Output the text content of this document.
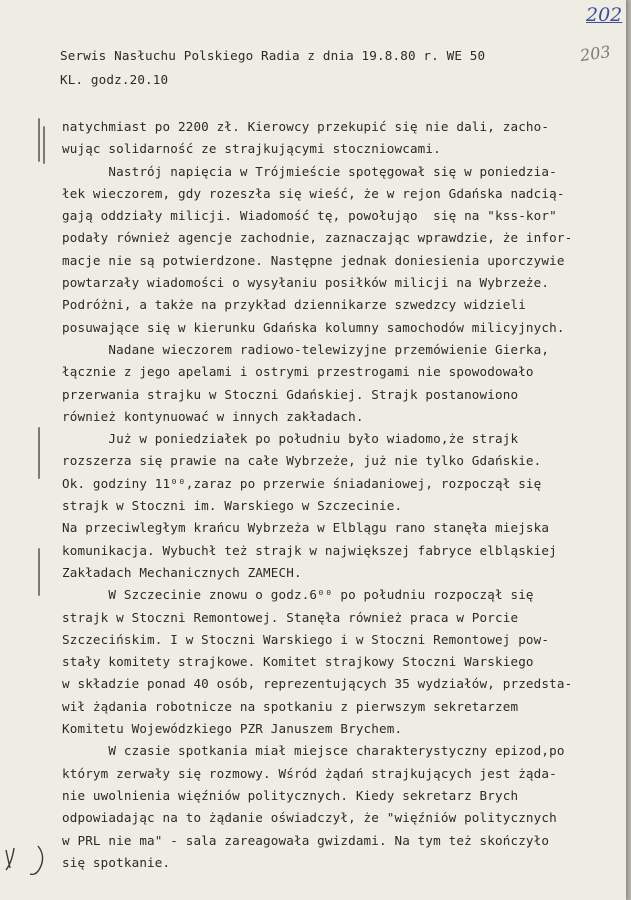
202
203
Serwis Nasłuchu Polskiego Radia z dnia 19.8.80 r. WE 50
KL. godz.20.10
natychmiast po 2200 zł. Kierowcy przekupić się nie dali, zacho-
wując solidarność ze strajkującymi stoczniowcami.
Nastrój napięcia w Trójmieście spotęgował się w poniedzia-
łek wieczorem, gdy rozeszła się wieść, że w rejon Gdańska nadcią-
gają oddziały milicji. Wiadomość tę, powołująo  się na "kss-kor"
podały również agencje zachodnie, zaznaczając wprawdzie, że infor-
macje nie są potwierdzone. Następne jednak doniesienia uporczywie
powtarzały wiadomości o wysyłaniu posiłków milicji na Wybrzeże.
Podróżni, a także na przykład dziennikarze szwedzcy widzieli
posuwające się w kierunku Gdańska kolumny samochodów milicyjnych.
Nadane wieczorem radiowo-telewizyjne przemówienie Gierka,
łącznie z jego apelami i ostrymi przestrogami nie spowodowało
przerwania strajku w Stoczni Gdańskiej. Strajk postanowiono
również kontynuować w innych zakładach.
Już w poniedziałek po południu było wiadomo,że strajk
rozszerza się prawie na całe Wybrzeże, już nie tylko Gdańskie.
Ok. godziny 11⁰⁰,zaraz po przerwie śniadaniowej, rozpoczął się
strajk w Stoczni im. Warskiego w Szczecinie.
Na przeciwległym krańcu Wybrzeża w Elblągu rano stanęła miejska
komunikacja. Wybuchł też strajk w największej fabryce elbląskiej
Zakładach Mechanicznych ZAMECH.
W Szczecinie znowu o godz.6⁰⁰ po południu rozpoczął się
strajk w Stoczni Remontowej. Stanęła również praca w Porcie
Szczecińskim. I w Stoczni Warskiego i w Stoczni Remontowej pow-
stały komitety strajkowe. Komitet strajkowy Stoczni Warskiego
w składzie ponad 40 osób, reprezentujących 35 wydziałów, przedsta-
wił żądania robotnicze na spotkaniu z pierwszym sekretarzem
Komitetu Wojewódzkiego PZR Januszem Brychem.
W czasie spotkania miał miejsce charakterystyczny epizod,po
którym zerwały się rozmowy. Wśród żądań strajkujących jest żąda-
nie uwolnienia więźniów politycznych. Kiedy sekretarz Brych
odpowiadając na to żądanie oświadczył, że "więźniów politycznych
w PRL nie ma" - sala zareagowała gwizdami. Na tym też skończyło
się spotkanie.
